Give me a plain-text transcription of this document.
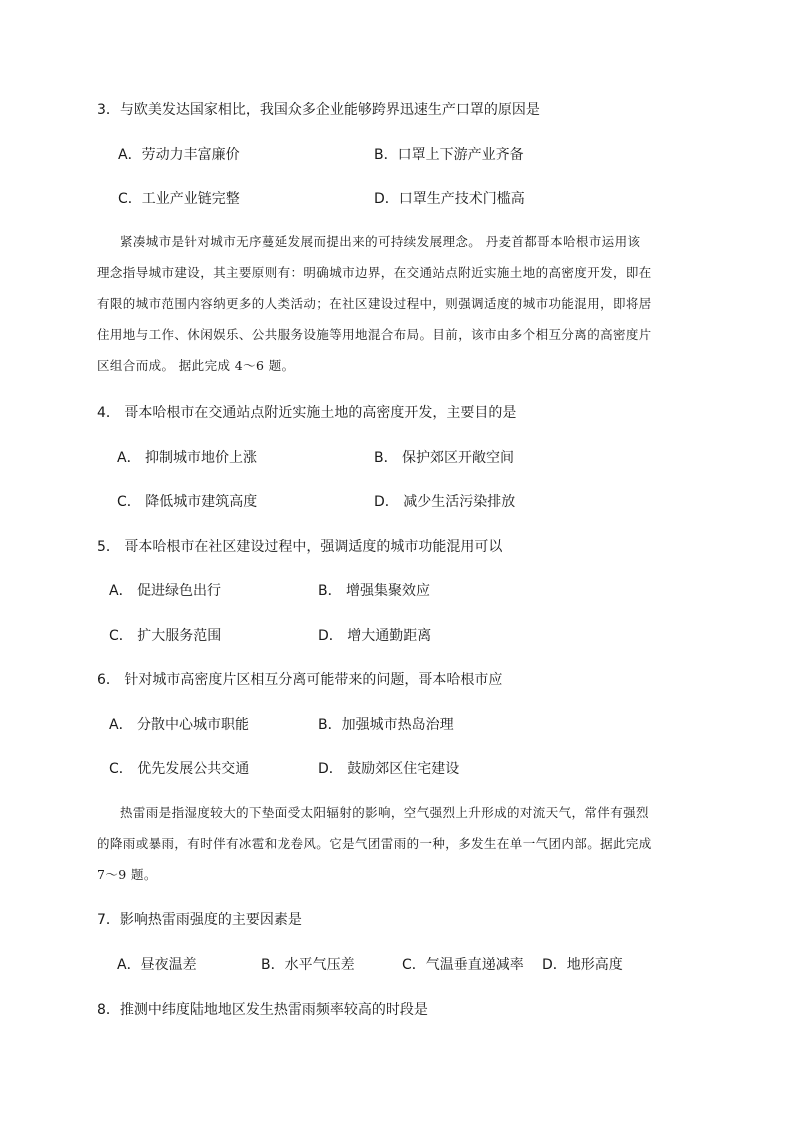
3．与欧美发达国家相比，我国众多企业能够跨界迅速生产口罩的原因是
A．劳动力丰富廉价	B．口罩上下游产业齐备
C．工业产业链完整	D．口罩生产技术门槛高
紧凑城市是针对城市无序蔓延发展而提出来的可持续发展理念。 丹麦首都哥本哈根市运用该
理念指导城市建设，其主要原则有：明确城市边界，在交通站点附近实施土地的高密度开发，即在
有限的城市范围内容纳更多的人类活动；在社区建设过程中，则强调适度的城市功能混用，即将居
住用地与工作、休闲娱乐、公共服务设施等用地混合布局。目前，该市由多个相互分离的高密度片
区组合而成。 据此完成 4～6 题。
4． 哥本哈根市在交通站点附近实施土地的高密度开发，主要目的是
A． 抑制城市地价上涨	B． 保护郊区开敞空间
C． 降低城市建筑高度	D． 减少生活污染排放
5． 哥本哈根市在社区建设过程中，强调适度的城市功能混用可以
A． 促进绿色出行	B． 增强集聚效应
C． 扩大服务范围	D． 增大通勤距离
6． 针对城市高密度片区相互分离可能带来的问题，哥本哈根市应
A． 分散中心城市职能	B．加强城市热岛治理
C． 优先发展公共交通	D． 鼓励郊区住宅建设
热雷雨是指湿度较大的下垫面受太阳辐射的影响，空气强烈上升形成的对流天气，常伴有强烈
的降雨或暴雨，有时伴有冰雹和龙卷风。它是气团雷雨的一种，多发生在单一气团内部。据此完成
7～9 题。
7．影响热雷雨强度的主要因素是
A．昼夜温差	B．水平气压差	C．气温垂直递减率 D．地形高度
8．推测中纬度陆地地区发生热雷雨频率较高的时段是
